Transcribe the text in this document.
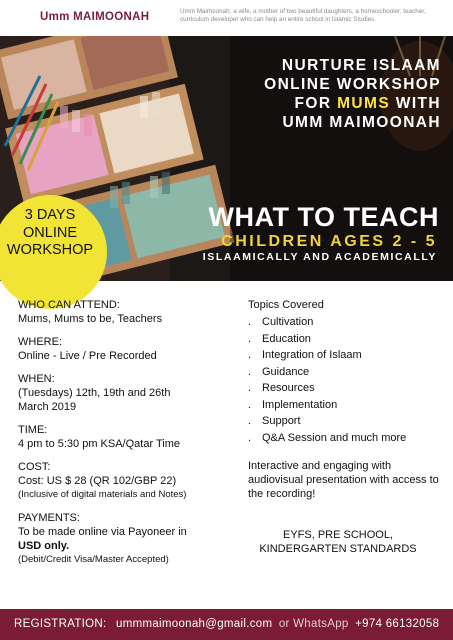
Umm MAIMOONAH	Umm Maimoonah, a wife, a mother of two beautiful daughters, a homeschooler, teacher, curriculum developer who can help an entire school in Islamic Studies.
NURTURE ISLAAM
ONLINE WORKSHOP
FOR MUMS WITH
UMM MAIMOONAH
WHAT TO TEACH
CHILDREN AGES 2 - 5
ISLAAMICALLY AND ACADEMICALLY
3 DAYS
ONLINE
WORKSHOP
WHO CAN ATTEND:
Mums, Mums to be, Teachers
WHERE:
Online - Live / Pre Recorded
WHEN:
(Tuesdays) 12th, 19th and 26th
March 2019
TIME:
4 pm to 5:30 pm KSA/Qatar Time
COST:
Cost: US $ 28 (QR 102/GBP 22)
(Inclusive of digital materials and Notes)
PAYMENTS:
To be made online via Payoneer in
USD only.
(Debit/Credit Visa/Master Accepted)
Topics Covered
. Cultivation
. Education
. Integration of Islaam
. Guidance
. Resources
. Implementation
. Support
. Q&A Session and much more
Interactive and engaging with audiovisual presentation with access to the recording!
EYFS, PRE SCHOOL,
KINDERGARTEN STANDARDS
REGISTRATION: ummmaimoonah@gmail.com or WhatsApp +974 66132058
